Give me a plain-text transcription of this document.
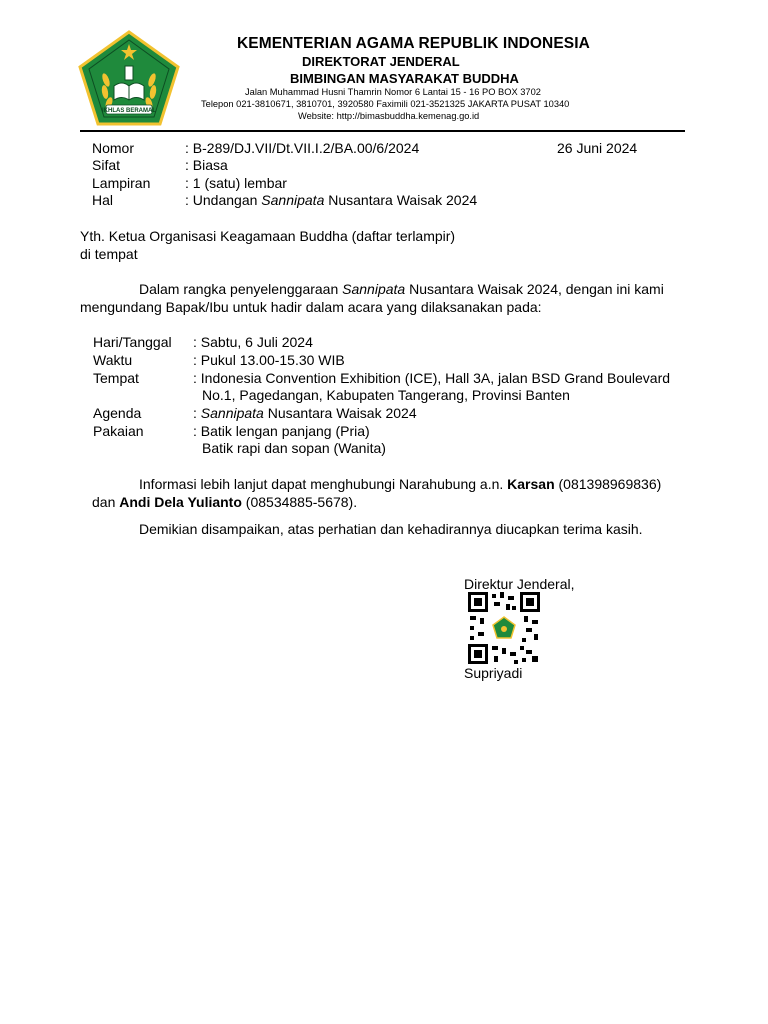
IKHLAS BERAMAL
KEMENTERIAN AGAMA REPUBLIK INDONESIA
DIREKTORAT JENDERAL
BIMBINGAN MASYARAKAT BUDDHA
Jalan Muhammad Husni Thamrin Nomor 6 Lantai 15 - 16 PO BOX 3702
Telepon 021-3810671, 3810701, 3920580 Faximili 021-3521325 JAKARTA PUSAT 10340
Website: http://bimasbuddha.kemenag.go.id
Nomor	: B-289/DJ.VII/Dt.VII.I.2/BA.00/6/2024	26 Juni 2024
Sifat	: Biasa
Lampiran : 1 (satu) lembar
Hal	: Undangan Sannipata Nusantara Waisak 2024
Yth. Ketua Organisasi Keagamaan Buddha (daftar terlampir)
di tempat
Dalam rangka penyelenggaraan Sannipata Nusantara Waisak 2024, dengan ini kami
mengundang Bapak/Ibu untuk hadir dalam acara yang dilaksanakan pada:
Hari/Tanggal : Sabtu, 6 Juli 2024
Waktu	: Pukul 13.00-15.30 WIB
Tempat	: Indonesia Convention Exhibition (ICE), Hall 3A, jalan BSD Grand Boulevard
No.1, Pagedangan, Kabupaten Tangerang, Provinsi Banten
Agenda	: Sannipata Nusantara Waisak 2024
Pakaian	: Batik lengan panjang (Pria)
Batik rapi dan sopan (Wanita)
Informasi lebih lanjut dapat menghubungi Narahubung a.n. Karsan (081398969836)
dan Andi Dela Yulianto (08534885-5678).
Demikian disampaikan, atas perhatian dan kehadirannya diucapkan terima kasih.
Direktur Jenderal,
Supriyadi
